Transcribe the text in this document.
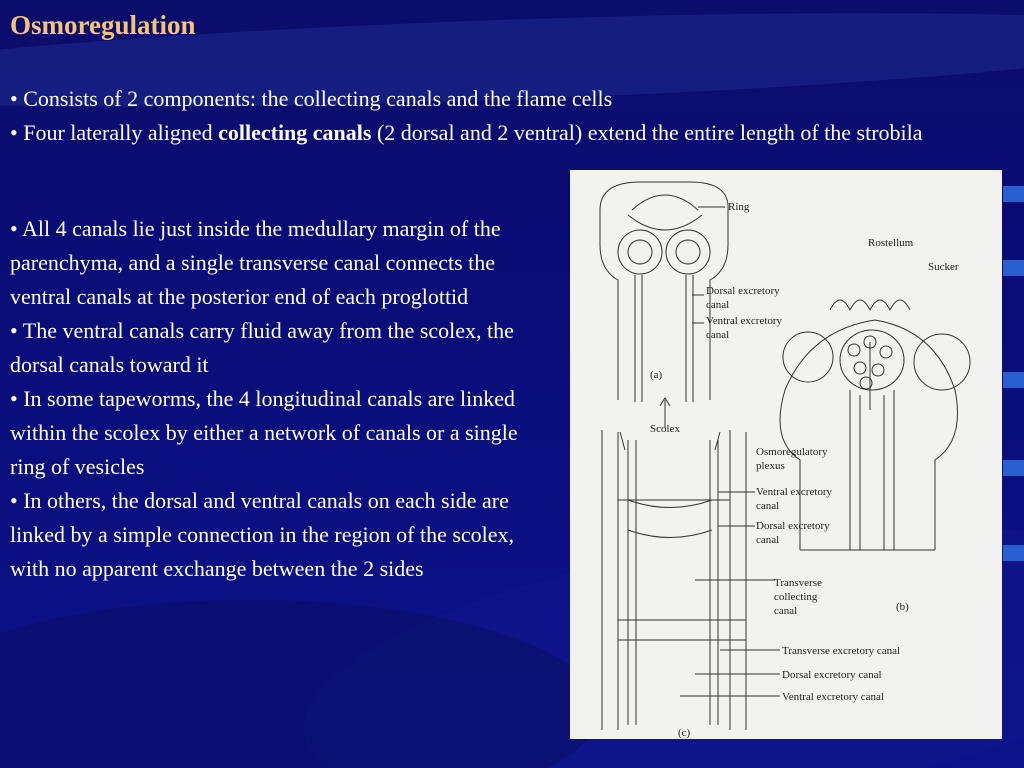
Osmoregulation
• Consists of 2 components: the collecting canals and the flame cells
• Four laterally aligned collecting canals (2 dorsal and 2 ventral) extend the entire length of the strobila
• All 4 canals lie just inside the medullary margin of the parenchyma, and a single transverse canal connects the ventral canals at the posterior end of each proglottid
• The ventral canals carry fluid away from the scolex, the dorsal canals toward it
• In some tapeworms, the 4 longitudinal canals are linked within the scolex by either a network of canals or a single ring of vesicles
• In others, the dorsal and ventral canals on each side are linked by a simple connection in the region of the scolex, with no apparent exchange between the 2 sides
Ring
Dorsal excretory
canal
Ventral excretory
canal
(a)
Rostellum
Sucker
Scolex
Osmoregulatory
plexus
Ventral excretory
canal
Dorsal excretory
canal
Transverse
collecting
canal	(b)
Transverse excretory canal
Dorsal excretory canal
Ventral excretory canal
(c)
